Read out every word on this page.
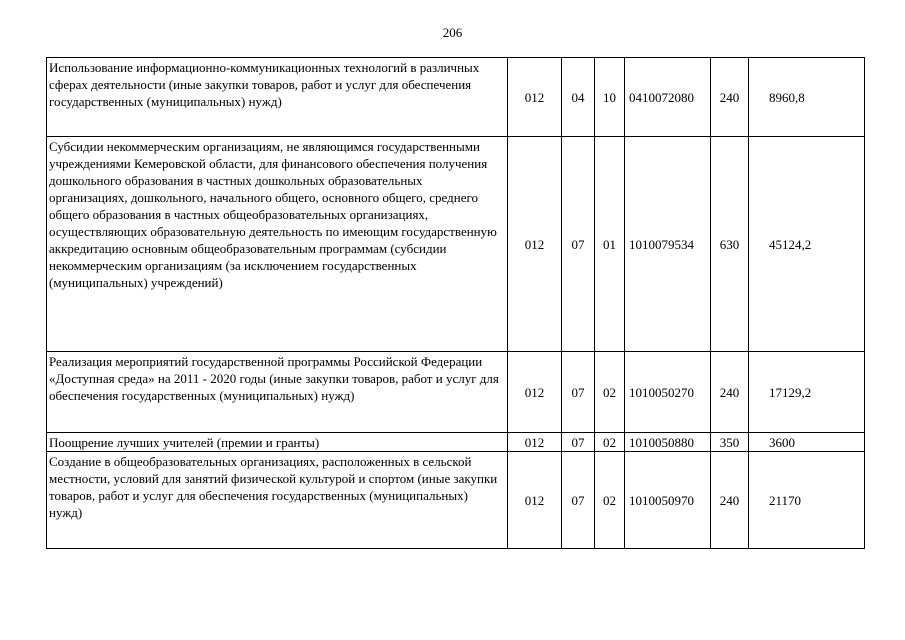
206
Использование информационно-коммуникационных технологий в различных сферах деятельности (иные закупки товаров, работ и услуг для обеспечения государственных (муниципальных) нужд)	012	04	10	0410072080	240	8960,8
Субсидии некоммерческим организациям, не являющимся государственными учреждениями Кемеровской области, для финансового обеспечения получения дошкольного образования в частных дошкольных образовательных организациях, дошкольного, начального общего, основного общего, среднего общего образования в частных общеобразовательных организациях, осуществляющих образовательную деятельность по имеющим государственную аккредитацию основным общеобразовательным программам (субсидии некоммерческим организациям (за исключением государственных (муниципальных) учреждений)	012	07	01	1010079534	630	45124,2
Реализация мероприятий государственной программы Российской Федерации «Доступная среда» на 2011 - 2020 годы (иные закупки товаров, работ и услуг для обеспечения государственных (муниципальных) нужд)	012	07	02	1010050270	240	17129,2
Поощрение лучших учителей (премии и гранты)	012	07	02	1010050880	350	3600
Создание в общеобразовательных организациях, расположенных в сельской местности, условий для занятий физической культурой и спортом (иные закупки товаров, работ и услуг для обеспечения государственных (муниципальных) нужд)	012	07	02	1010050970	240	21170
